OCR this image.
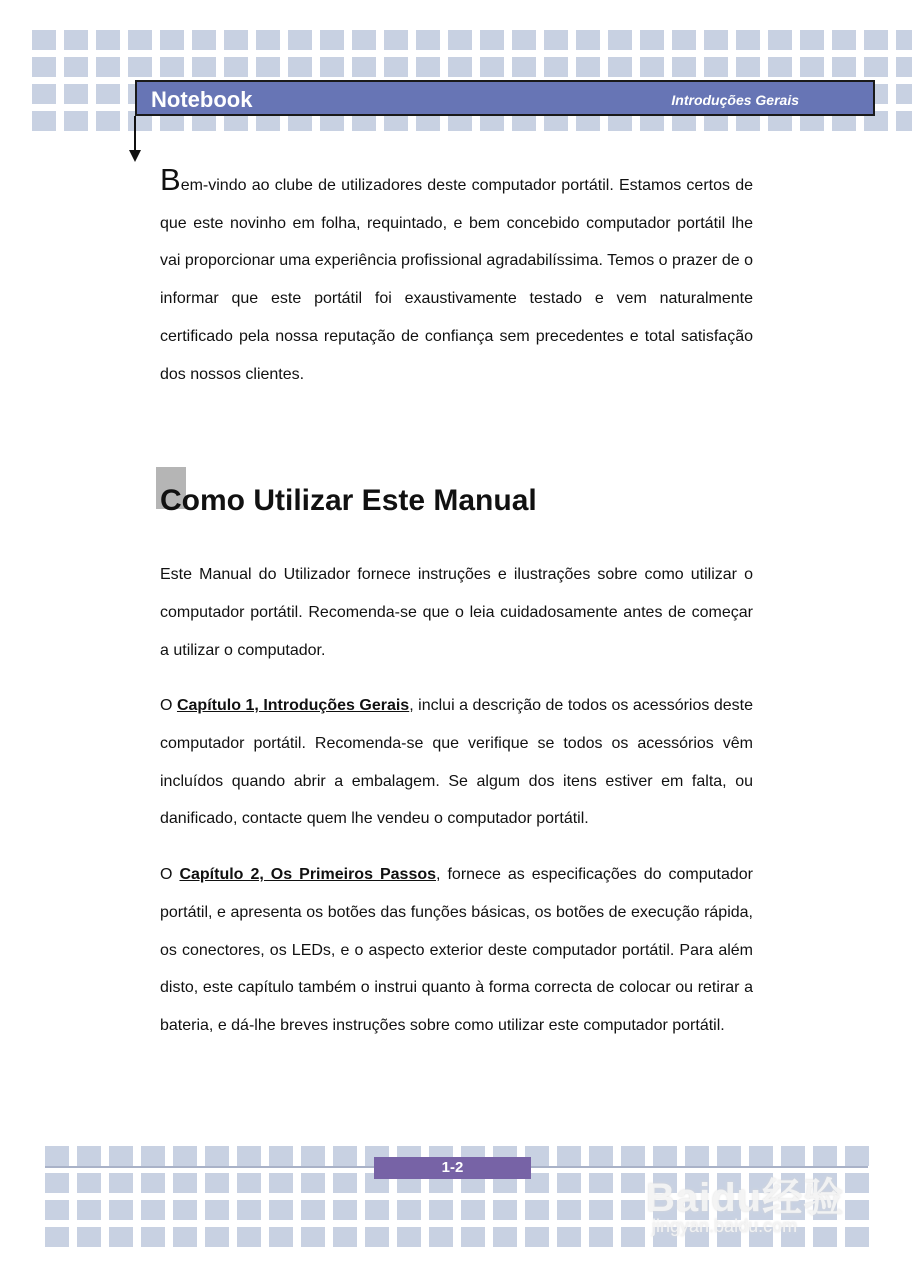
Notebook	Introduções Gerais

Bem-vindo ao clube de utilizadores deste computador portátil. Estamos certos de que este novinho em folha, requintado, e bem concebido computador portátil lhe vai proporcionar uma experiência profissional agradabilíssima. Temos o prazer de o informar que este portátil foi exaustivamente testado e vem naturalmente certificado pela nossa reputação de confiança sem precedentes e total satisfação dos nossos clientes.

Como Utilizar Este Manual

Este Manual do Utilizador fornece instruções e ilustrações sobre como utilizar o computador portátil. Recomenda-se que o leia cuidadosamente antes de começar a utilizar o computador.

O Capítulo 1, Introduções Gerais, inclui a descrição de todos os acessórios deste computador portátil. Recomenda-se que verifique se todos os acessórios vêm incluídos quando abrir a embalagem. Se algum dos itens estiver em falta, ou danificado, contacte quem lhe vendeu o computador portátil.

O Capítulo 2, Os Primeiros Passos, fornece as especificações do computador portátil, e apresenta os botões das funções básicas, os botões de execução rápida, os conectores, os LEDs, e o aspecto exterior deste computador portátil. Para além disto, este capítulo também o instrui quanto à forma correcta de colocar ou retirar a bateria, e dá-lhe breves instruções sobre como utilizar este computador portátil.

1-2
Baidu经验
jingyan.baidu.com
